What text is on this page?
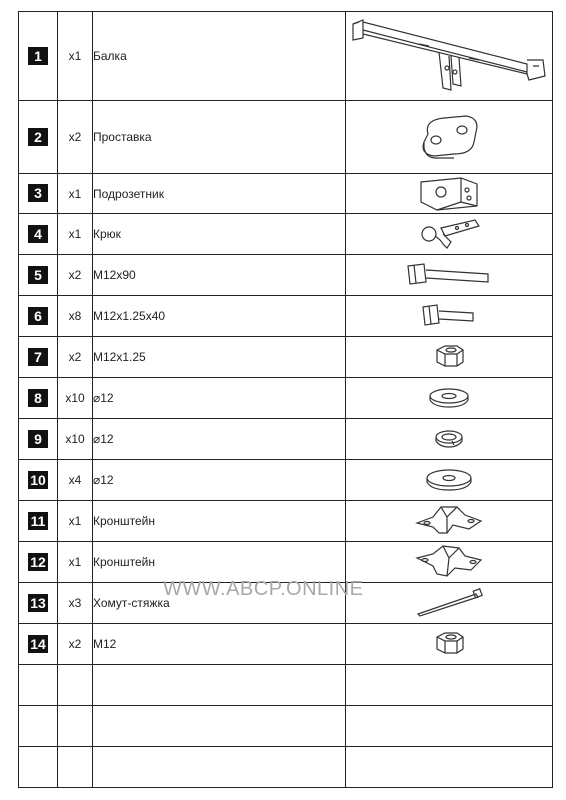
1	x1	Балка	

2	x2	Проставка	

3	x1	Подрозетник	

4	x1	Крюк	

5	x2	М12х90	

6	x8	М12х1.25х40	

7	x2	М12х1.25	

8	x10	⌀12	

9	x10	⌀12	

10	x4	⌀12	

11	x1	Кронштейн	

12	x1	Кронштейн	

13	x3	Хомут-стяжка	

14	x2	М12	

WWW.ABCP.ONLINE
